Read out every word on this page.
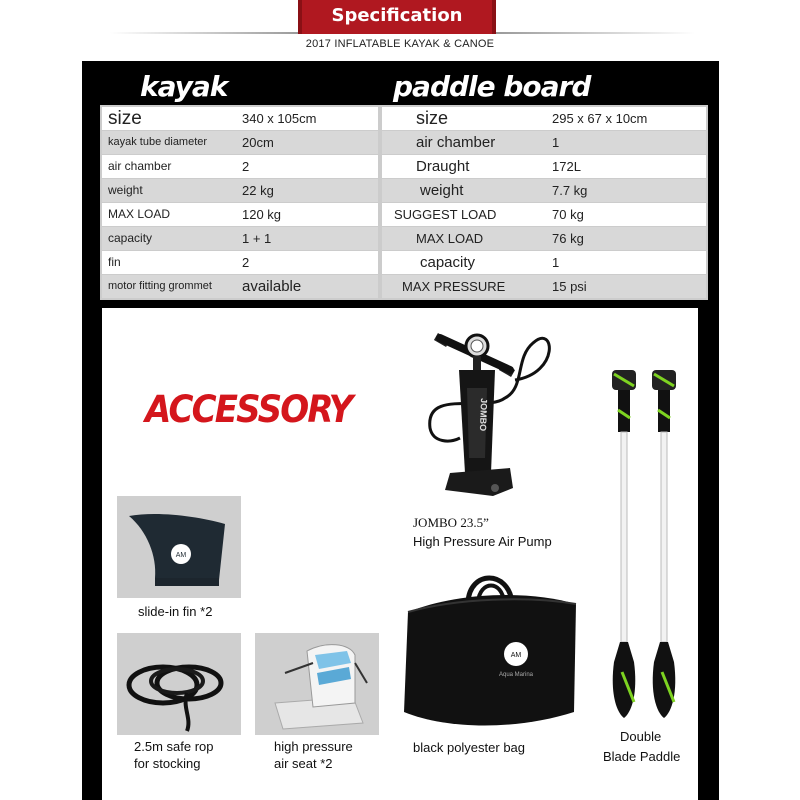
Specification
2017 INFLATABLE KAYAK & CANOE
kayak	paddle board
size	340 x 105cm
kayak tube diameter	20cm
air chamber	2
weight	22 kg
MAX LOAD	120 kg
capacity	1 + 1
fin	2
motor fitting grommet available
size	295 x 67 x 10cm
air chamber	1
Draught	172L
weight	7.7 kg
SUGGEST LOAD	70 kg
MAX LOAD	76 kg
capacity	1
MAX PRESSURE	15 psi
ACCESSORY	JOMBO
JOMBO 23.5”
High Pressure Air Pump
AM
slide-in fin *2
2.5m safe rop
for stocking
high pressure
air seat *2
AM
Aqua Marina
black polyester bag
Double
Blade Paddle
